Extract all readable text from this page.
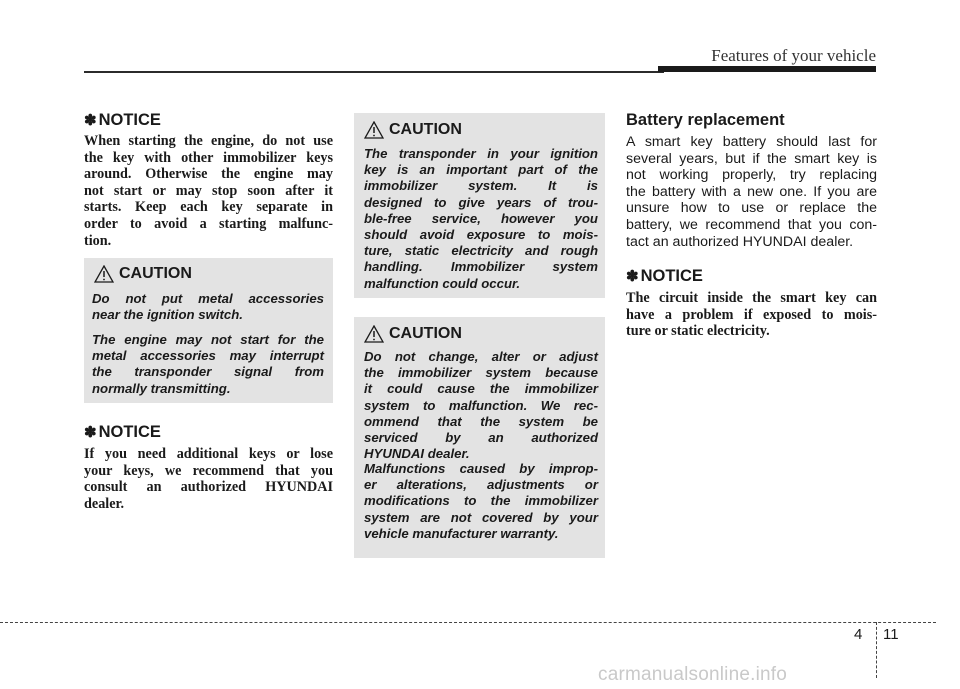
Features of your vehicle
✽ NOTICE
When starting the engine, do not use
the key with other immobilizer keys
around. Otherwise the engine may
not start or may stop soon after it
starts. Keep each key separate in
order to avoid a starting malfunc-
tion.
CAUTION
Do not put metal accessories
near the ignition switch.
The engine may not start for the
metal accessories may interrupt
the transponder signal from
normally transmitting.
✽ NOTICE
If you need additional keys or lose
your keys, we recommend that you
consult an authorized HYUNDAI
dealer.
CAUTION
The transponder in your ignition
key is an important part of the
immobilizer system. It is
designed to give years of trou-
ble-free service, however you
should avoid exposure to mois-
ture, static electricity and rough
handling. Immobilizer system
malfunction could occur.
CAUTION
Do not change, alter or adjust
the immobilizer system because
it could cause the immobilizer
system to malfunction. We rec-
ommend that the system be
serviced by an authorized
HYUNDAI dealer.
Malfunctions caused by improp-
er alterations, adjustments or
modifications to the immobilizer
system are not covered by your
vehicle manufacturer warranty.
Battery replacement
A smart key battery should last for
several years, but if the smart key is
not working properly, try replacing
the battery with a new one. If you are
unsure how to use or replace the
battery, we recommend that you con-
tact an authorized HYUNDAI dealer.
✽ NOTICE
The circuit inside the smart key can
have a problem if exposed to mois-
ture or static electricity.
4 11
carmanualsonline.info
